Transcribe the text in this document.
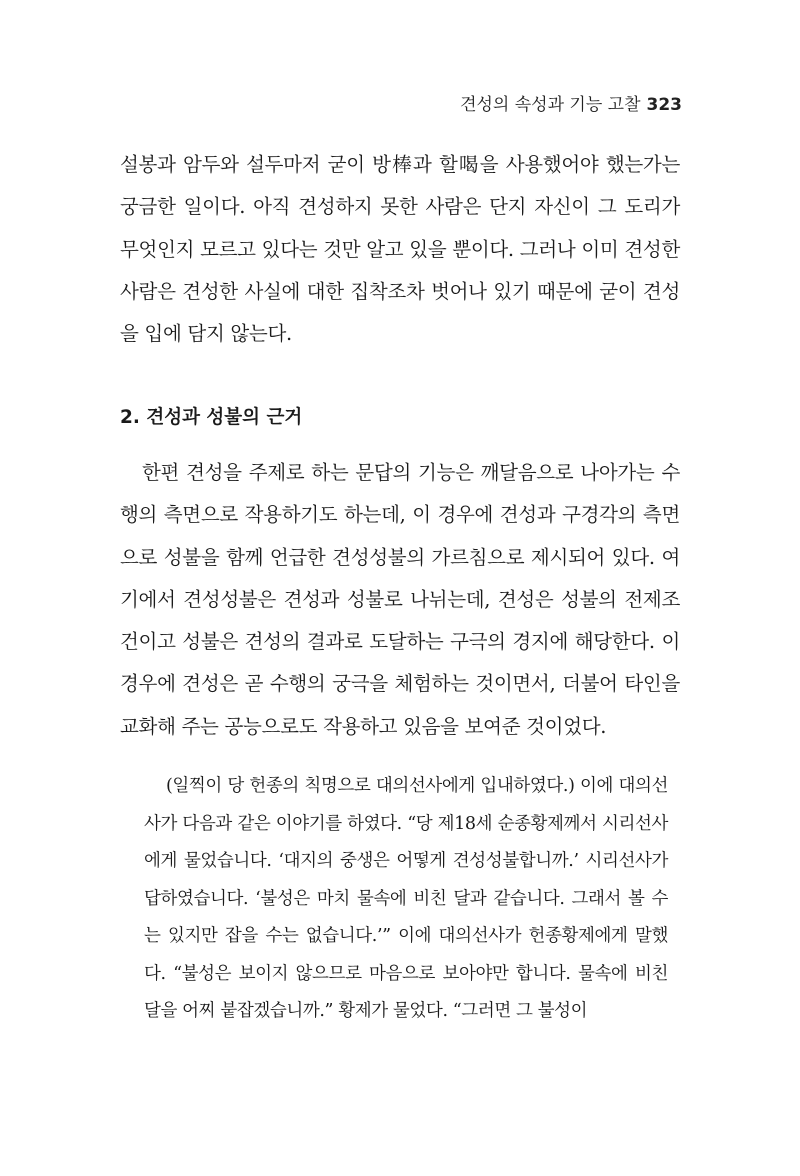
견성의 속성과 기능 고찰 323

설봉과 암두와 설두마저 굳이 방棒과 할喝을 사용했어야 했는가는 궁금한 일이다. 아직 견성하지 못한 사람은 단지 자신이 그 도리가 무엇인지 모르고 있다는 것만 알고 있을 뿐이다. 그러나 이미 견성한 사람은 견성한 사실에 대한 집착조차 벗어나 있기 때문에 굳이 견성을 입에 담지 않는다.

2. 견성과 성불의 근거

한편 견성을 주제로 하는 문답의 기능은 깨달음으로 나아가는 수행의 측면으로 작용하기도 하는데, 이 경우에 견성과 구경각의 측면으로 성불을 함께 언급한 견성성불의 가르침으로 제시되어 있다. 여기에서 견성성불은 견성과 성불로 나뉘는데, 견성은 성불의 전제조건이고 성불은 견성의 결과로 도달하는 구극의 경지에 해당한다. 이 경우에 견성은 곧 수행의 궁극을 체험하는 것이면서, 더불어 타인을 교화해 주는 공능으로도 작용하고 있음을 보여준 것이었다.

(일찍이 당 헌종의 칙명으로 대의선사에게 입내하였다.) 이에 대의선사가 다음과 같은 이야기를 하였다. “당 제18세 순종황제께서 시리선사에게 물었습니다. ‘대지의 중생은 어떻게 견성성불합니까.’ 시리선사가 답하였습니다. ‘불성은 마치 물속에 비친 달과 같습니다. 그래서 볼 수는 있지만 잡을 수는 없습니다.’” 이에 대의선사가 헌종황제에게 말했다. “불성은 보이지 않으므로 마음으로 보아야만 합니다. 물속에 비친 달을 어찌 붙잡겠습니까.” 황제가 물었다. “그러면 그 불성이
